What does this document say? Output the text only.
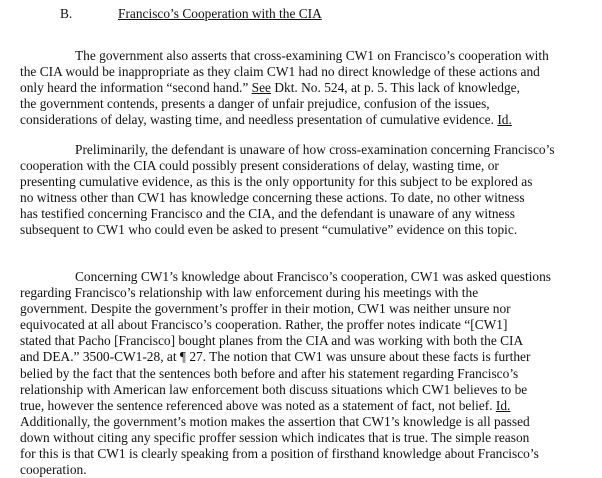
B.	Francisco’s Cooperation with the CIA
The government also asserts that cross-examining CW1 on Francisco’s cooperation with
the CIA would be inappropriate as they claim CW1 had no direct knowledge of these actions and
only heard the information “second hand.” See Dkt. No. 524, at p. 5. This lack of knowledge,
the government contends, presents a danger of unfair prejudice, confusion of the issues,
considerations of delay, wasting time, and needless presentation of cumulative evidence. Id.
Preliminarily, the defendant is unaware of how cross-examination concerning Francisco’s
cooperation with the CIA could possibly present considerations of delay, wasting time, or
presenting cumulative evidence, as this is the only opportunity for this subject to be explored as
no witness other than CW1 has knowledge concerning these actions. To date, no other witness
has testified concerning Francisco and the CIA, and the defendant is unaware of any witness
subsequent to CW1 who could even be asked to present “cumulative” evidence on this topic.
Concerning CW1’s knowledge about Francisco’s cooperation, CW1 was asked questions
regarding Francisco’s relationship with law enforcement during his meetings with the
government. Despite the government’s proffer in their motion, CW1 was neither unsure nor
equivocated at all about Francisco’s cooperation. Rather, the proffer notes indicate “[CW1]
stated that Pacho [Francisco] bought planes from the CIA and was working with both the CIA
and DEA.” 3500-CW1-28, at ¶ 27. The notion that CW1 was unsure about these facts is further
belied by the fact that the sentences both before and after his statement regarding Francisco’s
relationship with American law enforcement both discuss situations which CW1 believes to be
true, however the sentence referenced above was noted as a statement of fact, not belief. Id.
Additionally, the government’s motion makes the assertion that CW1’s knowledge is all passed
down without citing any specific proffer session which indicates that is true. The simple reason
for this is that CW1 is clearly speaking from a position of firsthand knowledge about Francisco’s
cooperation.
